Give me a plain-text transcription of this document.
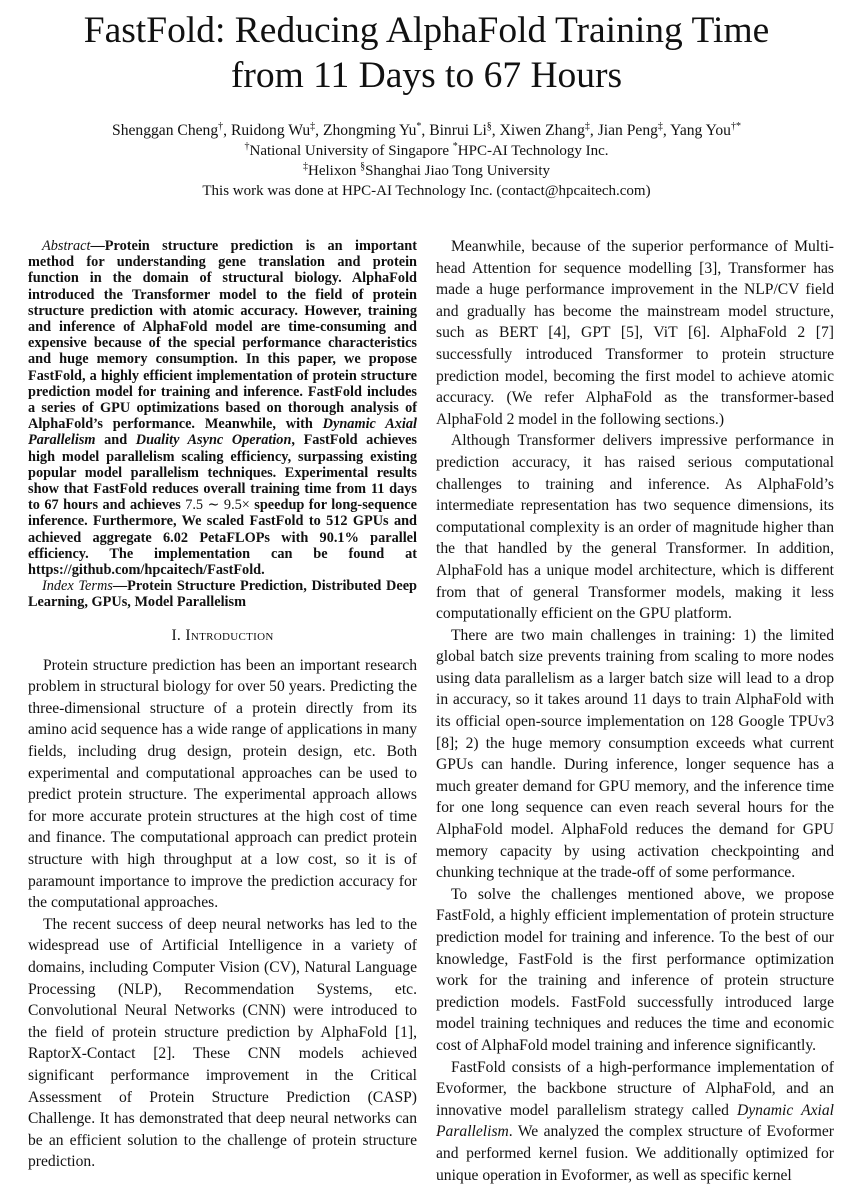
FastFold: Reducing AlphaFold Training Time
from 11 Days to 67 Hours
Shenggan Cheng†, Ruidong Wu‡, Zhongming Yu*, Binrui Li§, Xiwen Zhang‡, Jian Peng‡, Yang You†*
†National University of Singapore *HPC-AI Technology Inc.
‡Helixon §Shanghai Jiao Tong University
This work was done at HPC-AI Technology Inc. (contact@hpcaitech.com)

Abstract—Protein structure prediction is an important method for understanding gene translation and protein function in the domain of structural biology. AlphaFold introduced the Transformer model to the field of protein structure prediction with atomic accuracy. However, training and inference of AlphaFold model are time-consuming and expensive because of the special performance characteristics and huge memory consumption. In this paper, we propose FastFold, a highly efficient implementation of protein structure prediction model for training and inference. FastFold includes a series of GPU optimizations based on thorough analysis of AlphaFold’s performance. Meanwhile, with Dynamic Axial Parallelism and Duality Async Operation, FastFold achieves high model parallelism scaling efficiency, surpassing existing popular model parallelism techniques. Experimental results show that FastFold reduces overall training time from 11 days to 67 hours and achieves 7.5 ∼ 9.5× speedup for long-sequence inference. Furthermore, We scaled FastFold to 512 GPUs and achieved aggregate 6.02 PetaFLOPs with 90.1% parallel efficiency. The implementation can be found at https://github.com/hpcaitech/FastFold.

Index Terms—Protein Structure Prediction, Distributed Deep Learning, GPUs, Model Parallelism

I. Introduction

Protein structure prediction has been an important research problem in structural biology for over 50 years. Predicting the three-dimensional structure of a protein directly from its amino acid sequence has a wide range of applications in many fields, including drug design, protein design, etc. Both experimental and computational approaches can be used to predict protein structure. The experimental approach allows for more accurate protein structures at the high cost of time and finance. The computational approach can predict protein structure with high throughput at a low cost, so it is of paramount importance to improve the prediction accuracy for the computational approaches.

The recent success of deep neural networks has led to the widespread use of Artificial Intelligence in a variety of domains, including Computer Vision (CV), Natural Language Processing (NLP), Recommendation Systems, etc. Convolutional Neural Networks (CNN) were introduced to the field of protein structure prediction by AlphaFold [1], RaptorX-Contact [2]. These CNN models achieved significant performance improvement in the Critical Assessment of Protein Structure Prediction (CASP) Challenge. It has demonstrated that deep neural networks can be an efficient solution to the challenge of protein structure prediction.

Meanwhile, because of the superior performance of Multi-head Attention for sequence modelling [3], Transformer has made a huge performance improvement in the NLP/CV field and gradually has become the mainstream model structure, such as BERT [4], GPT [5], ViT [6]. AlphaFold 2 [7] successfully introduced Transformer to protein structure prediction model, becoming the first model to achieve atomic accuracy. (We refer AlphaFold as the transformer-based AlphaFold 2 model in the following sections.)

Although Transformer delivers impressive performance in prediction accuracy, it has raised serious computational challenges to training and inference. As AlphaFold’s intermediate representation has two sequence dimensions, its computational complexity is an order of magnitude higher than the that handled by the general Transformer. In addition, AlphaFold has a unique model architecture, which is different from that of general Transformer models, making it less computationally efficient on the GPU platform.

There are two main challenges in training: 1) the limited global batch size prevents training from scaling to more nodes using data parallelism as a larger batch size will lead to a drop in accuracy, so it takes around 11 days to train AlphaFold with its official open-source implementation on 128 Google TPUv3 [8]; 2) the huge memory consumption exceeds what current GPUs can handle. During inference, longer sequence has a much greater demand for GPU memory, and the inference time for one long sequence can even reach several hours for the AlphaFold model. AlphaFold reduces the demand for GPU memory capacity by using activation checkpointing and chunking technique at the trade-off of some performance.

To solve the challenges mentioned above, we propose FastFold, a highly efficient implementation of protein structure prediction model for training and inference. To the best of our knowledge, FastFold is the first performance optimization work for the training and inference of protein structure prediction models. FastFold successfully introduced large model training techniques and reduces the time and economic cost of AlphaFold model training and inference significantly.

FastFold consists of a high-performance implementation of Evoformer, the backbone structure of AlphaFold, and an innovative model parallelism strategy called Dynamic Axial Parallelism. We analyzed the complex structure of Evoformer and performed kernel fusion. We additionally optimized for unique operation in Evoformer, as well as specific kernel
